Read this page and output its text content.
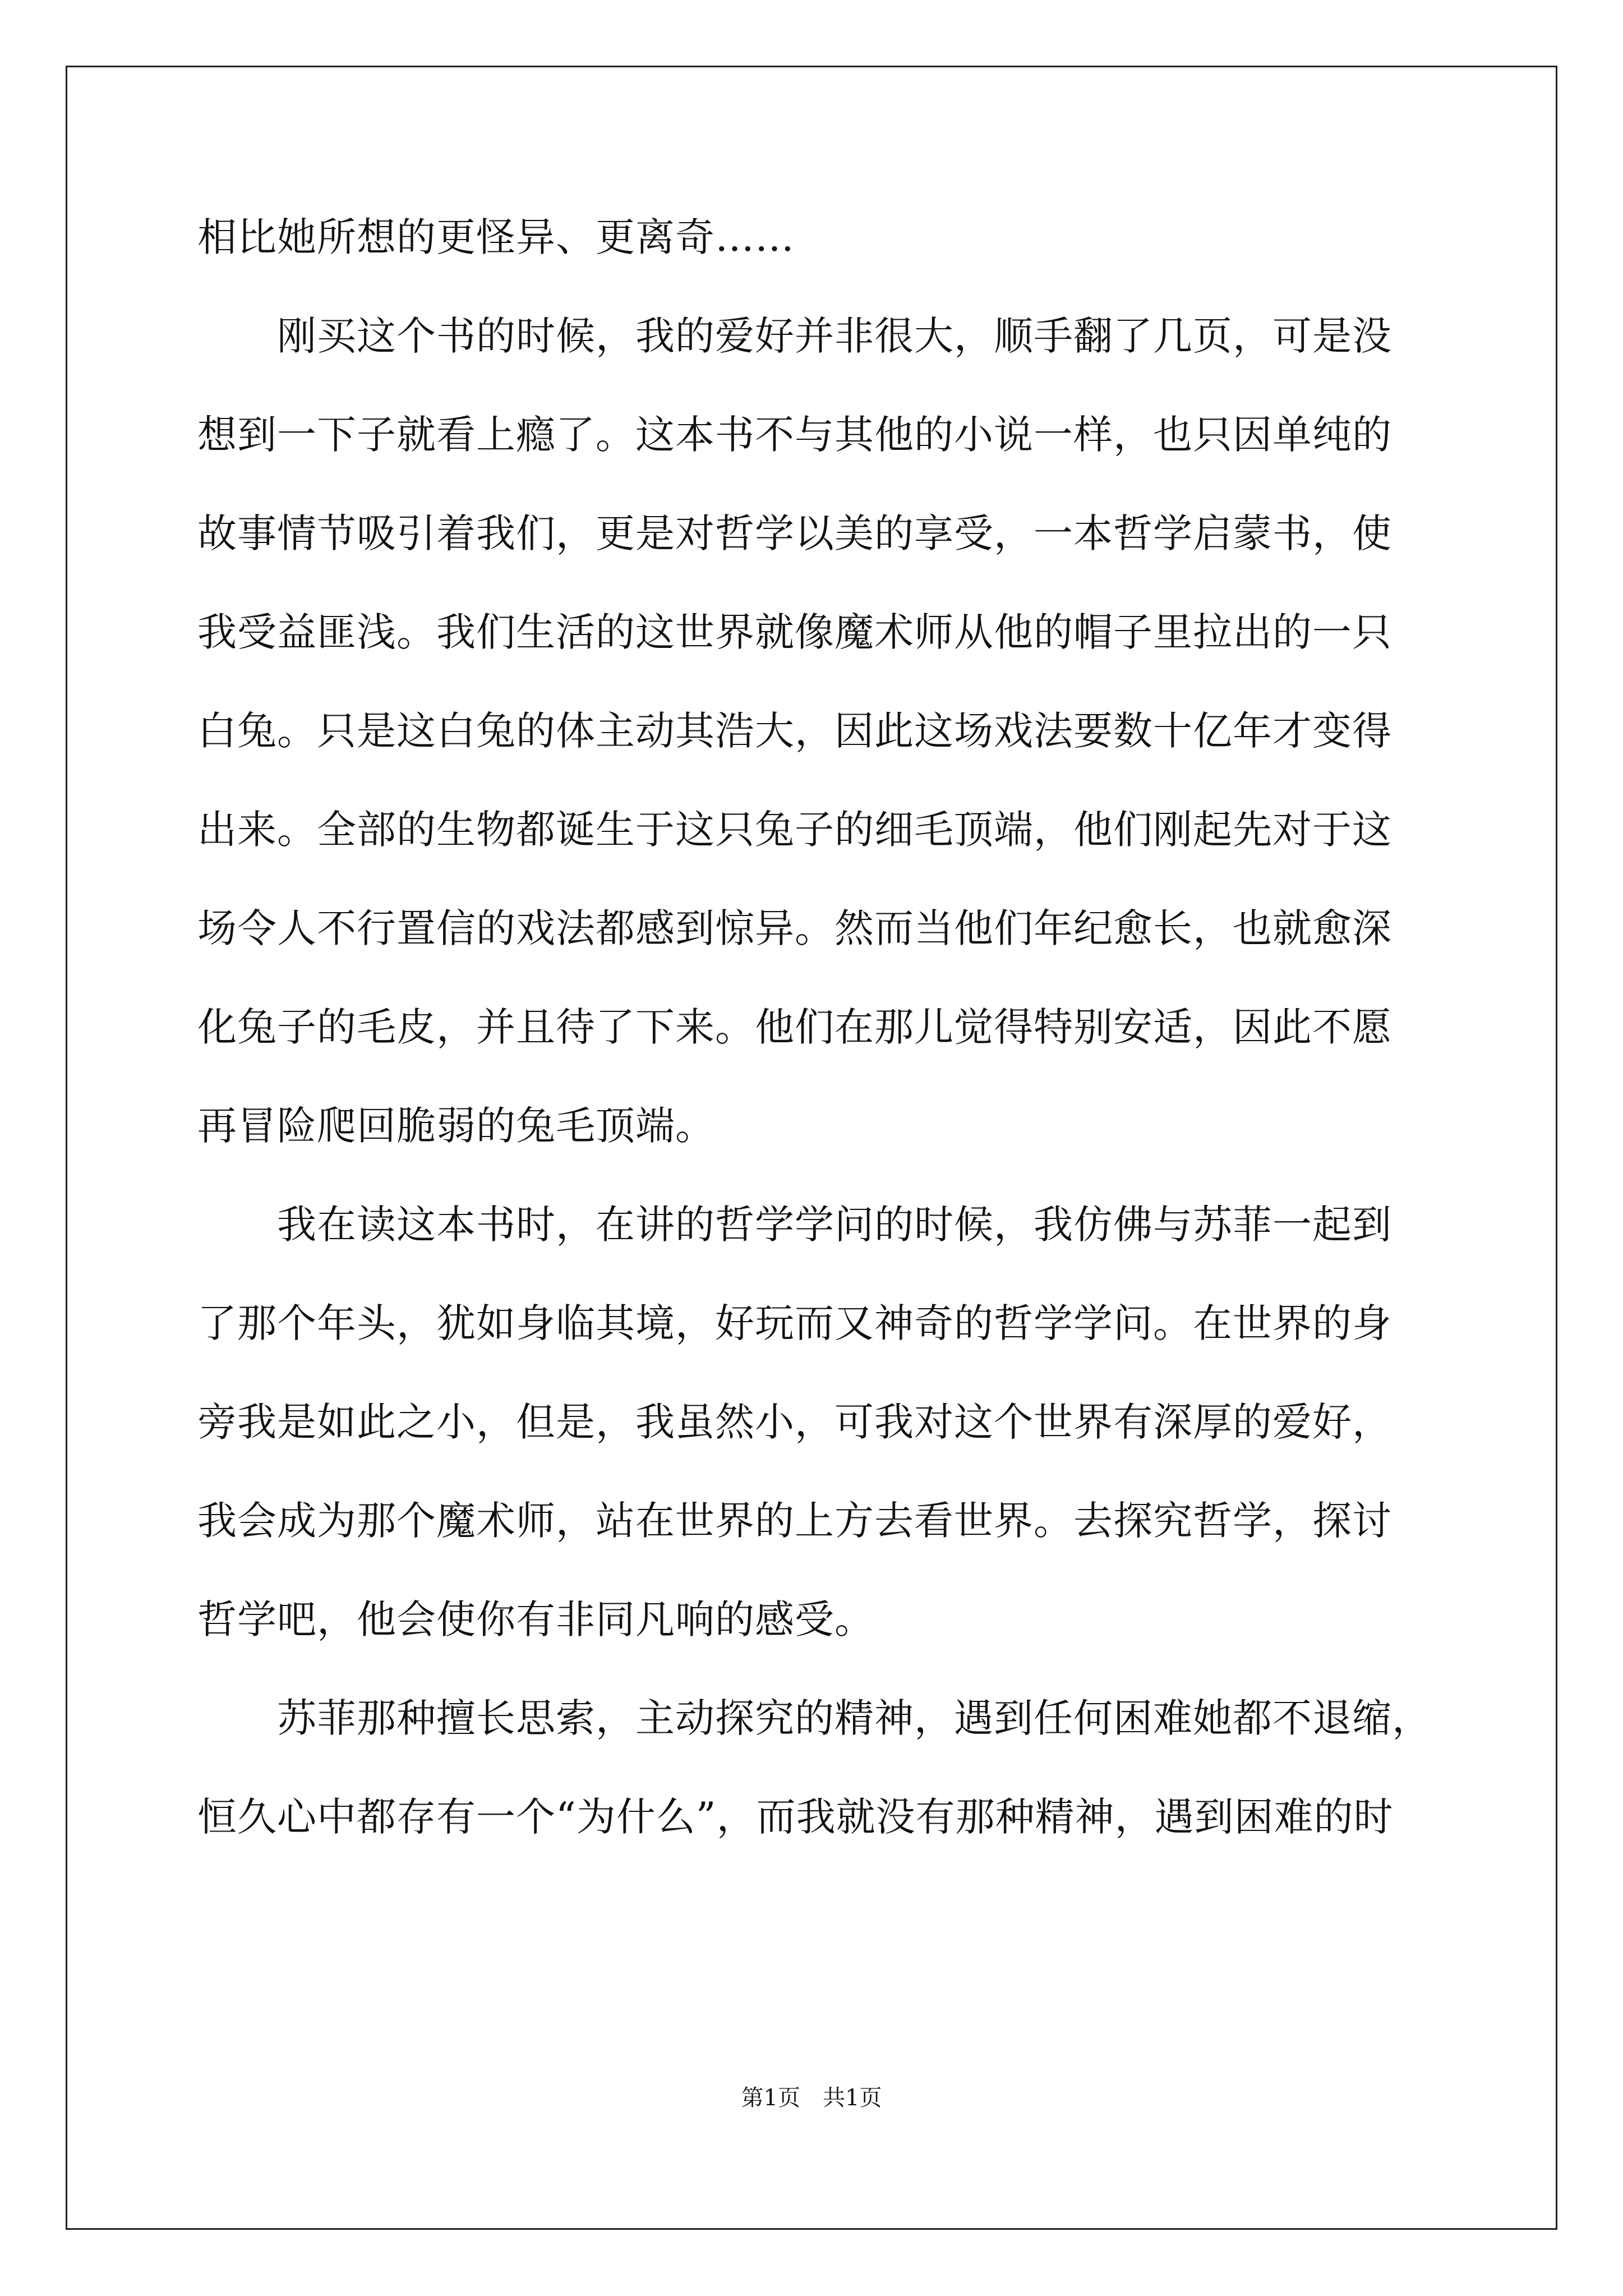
相比她所想的更怪异、更离奇……
　　刚买这个书的时候，我的爱好并非很大，顺手翻了几页，可是没
想到一下子就看上瘾了。这本书不与其他的小说一样，也只因单纯的
故事情节吸引着我们，更是对哲学以美的享受，一本哲学启蒙书，使
我受益匪浅。我们生活的这世界就像魔术师从他的帽子里拉出的一只
白兔。只是这白兔的体主动其浩大，因此这场戏法要数十亿年才变得
出来。全部的生物都诞生于这只兔子的细毛顶端，他们刚起先对于这
场令人不行置信的戏法都感到惊异。然而当他们年纪愈长，也就愈深
化兔子的毛皮，并且待了下来。他们在那儿觉得特别安适，因此不愿
再冒险爬回脆弱的兔毛顶端。
　　我在读这本书时，在讲的哲学学问的时候，我仿佛与苏菲一起到
了那个年头，犹如身临其境，好玩而又神奇的哲学学问。在世界的身
旁我是如此之小，但是，我虽然小，可我对这个世界有深厚的爱好，
我会成为那个魔术师，站在世界的上方去看世界。去探究哲学，探讨
哲学吧，他会使你有非同凡响的感受。
　　苏菲那种擅长思索，主动探究的精神，遇到任何困难她都不退缩，
恒久心中都存有一个“为什么”，而我就没有那种精神，遇到困难的时
第1页　共1页
